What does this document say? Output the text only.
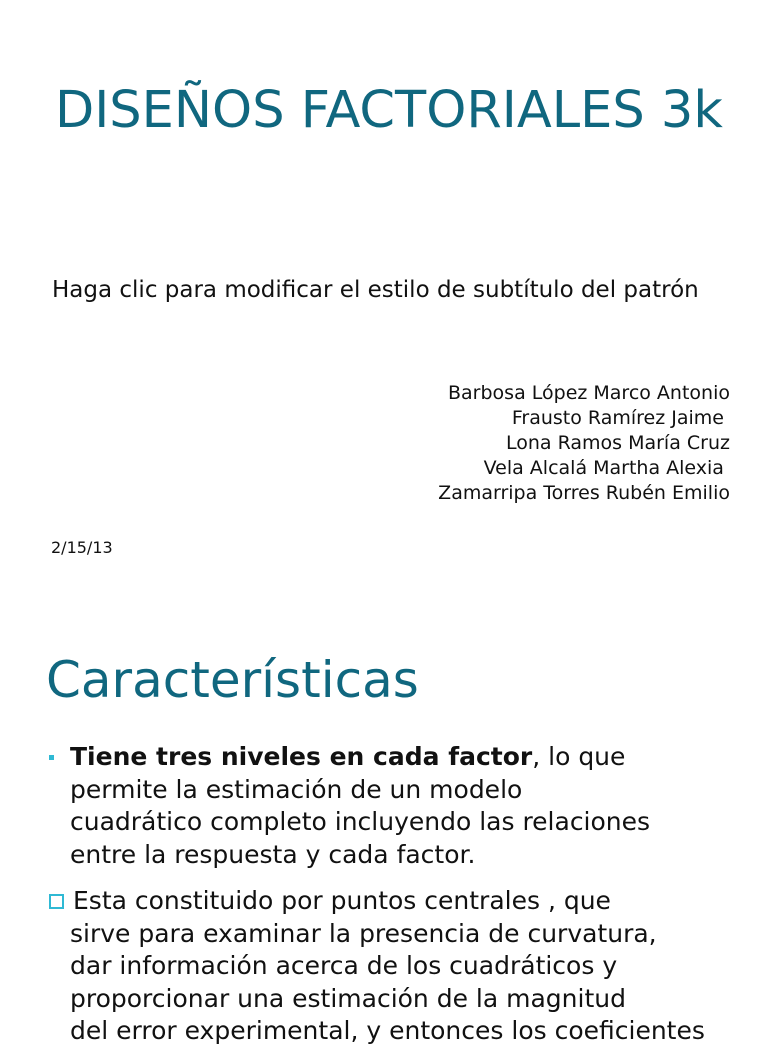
DISEÑOS FACTORIALES 3k
Haga clic para modificar el estilo de subtítulo del patrón
Barbosa López Marco Antonio
Frausto Ramírez Jaime
Lona Ramos María Cruz
Vela Alcalá Martha Alexia
Zamarripa Torres Rubén Emilio
2/15/13
Características
Tiene tres niveles en cada factor, lo que
permite la estimación de un modelo
cuadrático completo incluyendo las relaciones
entre la respuesta y cada factor.
Esta constituido por puntos centrales , que
sirve para examinar la presencia de curvatura,
dar información acerca de los cuadráticos y
proporcionar una estimación de la magnitud
del error experimental, y entonces los coeficientes
